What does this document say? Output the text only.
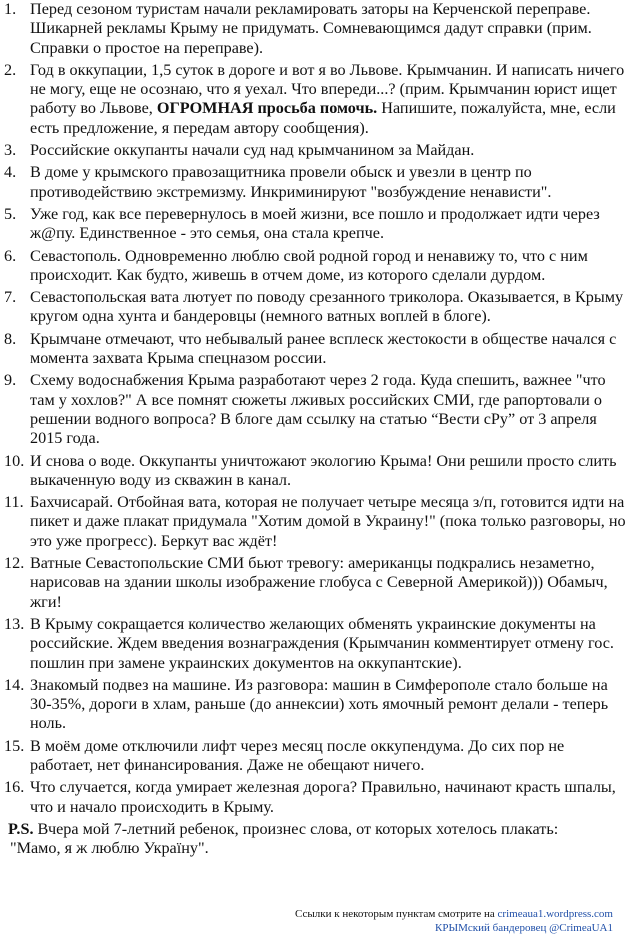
1. Перед сезоном туристам начали рекламировать заторы на Керченской переправе. Шикарней рекламы Крыму не придумать. Сомневающимся дадут справки (прим. Справки о простое на переправе).
2. Год в оккупации, 1,5 суток в дороге и вот я во Львове. Крымчанин. И написать ничего не могу, еще не осознаю, что я уехал. Что впереди...? (прим. Крымчанин юрист ищет работу во Львове, ОГРОМНАЯ просьба помочь. Напишите, пожалуйста, мне, если есть предложение, я передам автору сообщения).
3. Российские оккупанты начали суд над крымчанином за Майдан.
4. В доме у крымского правозащитника провели обыск и увезли в центр по противодействию экстремизму. Инкриминируют "возбуждение ненависти".
5. Уже год, как все перевернулось в моей жизни, все пошло и продолжает идти через ж@пу. Единственное - это семья, она стала крепче.
6. Севастополь. Одновременно люблю свой родной город и ненавижу то, что с ним происходит. Как будто, живешь в отчем доме, из которого сделали дурдом.
7. Севастопольская вата лютует по поводу срезанного триколора. Оказывается, в Крыму кругом одна хунта и бандеровцы (немного ватных воплей в блоге).
8. Крымчане отмечают, что небывалый ранее всплеск жестокости в обществе начался с момента захвата Крыма спецназом россии.
9. Схему водоснабжения Крыма разработают через 2 года. Куда спешить, важнее "что там у хохлов?" А все помнят сюжеты лживых российских СМИ, где рапортовали о решении водного вопроса? В блоге дам ссылку на статью “Вести сРу” от 3 апреля 2015 года.
10. И снова о воде. Оккупанты уничтожают экологию Крыма! Они решили просто слить выкаченную воду из скважин в канал.
11. Бахчисарай. Отбойная вата, которая не получает четыре месяца з/п, готовится идти на пикет и даже плакат придумала "Хотим домой в Украину!" (пока только разговоры, но это уже прогресс). Беркут вас ждёт!
12. Ватные Севастопольские СМИ бьют тревогу: американцы подкрались незаметно, нарисовав на здании школы изображение глобуса с Северной Америкой))) Обамыч, жги!
13. В Крыму сокращается количество желающих обменять украинские документы на российские. Ждем введения вознаграждения (Крымчанин комментирует отмену гос. пошлин при замене украинских документов на оккупантские).
14. Знакомый подвез на машине. Из разговора: машин в Симферополе стало больше на 30-35%, дороги в хлам, раньше (до аннексии) хоть ямочный ремонт делали - теперь ноль.
15. В моём доме отключили лифт через месяц после оккупендума. До сих пор не работает, нет финансирования. Даже не обещают ничего.
16. Что случается, когда умирает железная дорога? Правильно, начинают красть шпалы, что и начало происходить в Крыму.
P.S. Вчера мой 7-летний ребенок, произнес слова, от которых хотелось плакать:
"Мамо, я ж люблю Україну".
Ссылки к некоторым пунктам смотрите на crimeaua1.wordpress.com
КРЫМский бандеровец @CrimeaUA1
